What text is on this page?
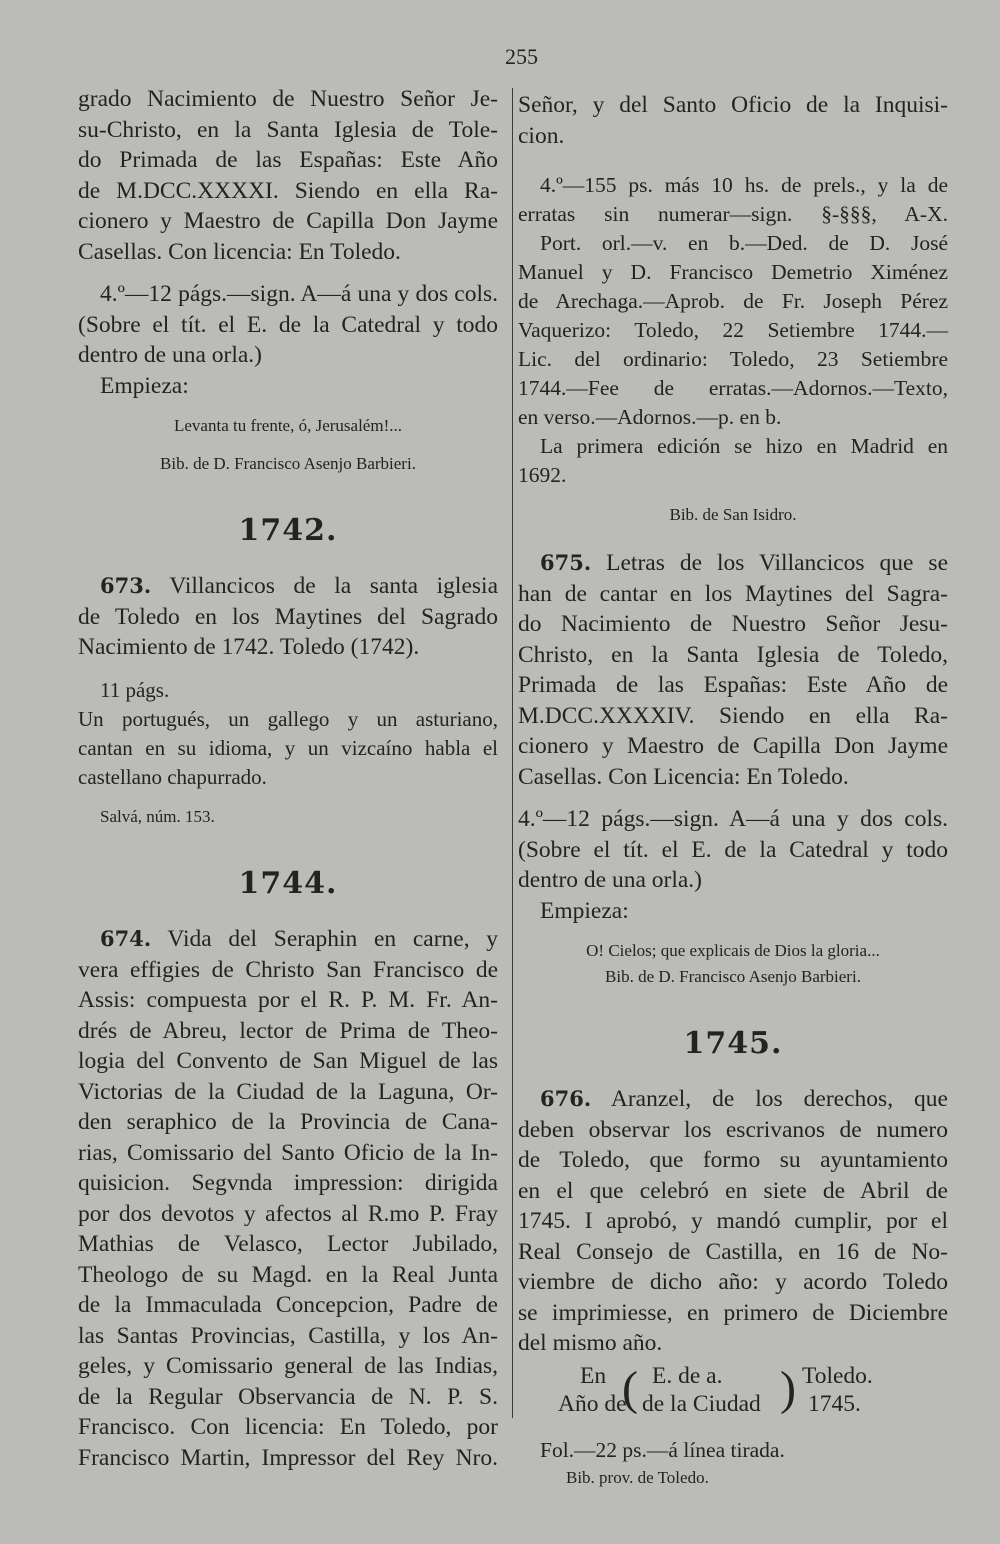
255

grado Nacimiento de Nuestro Señor Je-

su-Christo, en la Santa Iglesia de Tole-

do Primada de las Españas: Este Año

de M.DCC.XXXXI. Siendo en ella Ra-

cionero y Maestro de Capilla Don Jayme

Casellas. Con licencia: En Toledo.

4.º—12 págs.—sign. A—á una y dos cols.

(Sobre el tít. el E. de la Catedral y todo

dentro de una orla.)

Empieza:

Levanta tu frente, ó, Jerusalém!...
Bib. de D. Francisco Asenjo Barbieri.
1742.

673. Villancicos de la santa iglesia

de Toledo en los Maytines del Sagrado

Nacimiento de 1742. Toledo (1742).

11 págs.

Un portugués, un gallego y un asturiano,

cantan en su idioma, y un vizcaíno habla el

castellano chapurrado.

Salvá, núm. 153.

1744.

674. Vida del Seraphin en carne, y

vera effigies de Christo San Francisco de

Assis: compuesta por el R. P. M. Fr. An-

drés de Abreu, lector de Prima de Theo-

logia del Convento de San Miguel de las

Victorias de la Ciudad de la Laguna, Or-

den seraphico de la Provincia de Cana-

rias, Comissario del Santo Oficio de la In-

quisicion. Segvnda impression: dirigida

por dos devotos y afectos al R.mo P. Fray

Mathias de Velasco, Lector Jubilado,

Theologo de su Magd. en la Real Junta

de la Immaculada Concepcion, Padre de

las Santas Provincias, Castilla, y los An-

geles, y Comissario general de las Indias,

de la Regular Observancia de N. P. S.

Francisco. Con licencia: En Toledo, por

Francisco Martin, Impressor del Rey Nro.

Señor, y del Santo Oficio de la Inquisi-

cion.

4.º—155 ps. más 10 hs. de prels., y la de

erratas sin numerar—sign. §-§§§, A-X.

Port. orl.—v. en b.—Ded. de D. José

Manuel y D. Francisco Demetrio Ximénez

de Arechaga.—Aprob. de Fr. Joseph Pérez

Vaquerizo: Toledo, 22 Setiembre 1744.—

Lic. del ordinario: Toledo, 23 Setiembre

1744.—Fee de erratas.—Adornos.—Texto,

en verso.—Adornos.—p. en b.

La primera edición se hizo en Madrid en

1692.

Bib. de San Isidro.

675. Letras de los Villancicos que se

han de cantar en los Maytines del Sagra-

do Nacimiento de Nuestro Señor Jesu-

Christo, en la Santa Iglesia de Toledo,

Primada de las Españas: Este Año de

M.DCC.XXXXIV. Siendo en ella Ra-

cionero y Maestro de Capilla Don Jayme

Casellas. Con Licencia: En Toledo.

4.º—12 págs.—sign. A—á una y dos cols.

(Sobre el tít. el E. de la Catedral y todo

dentro de una orla.)

Empieza:

O! Cielos; que explicais de Dios la gloria...
Bib. de D. Francisco Asenjo Barbieri.
1745.

676. Aranzel, de los derechos, que

deben observar los escrivanos de numero

de Toledo, que formo su ayuntamiento

en el que celebró en siete de Abril de

1745. I aprobó, y mandó cumplir, por el

Real Consejo de Castilla, en 16 de No-

viembre de dicho año: y acordo Toledo

se imprimiesse, en primero de Diciembre

del mismo año.

En
Año de
( E. de a.
de la Ciudad ) Toledo.
1745.

Fol.—22 ps.—á línea tirada.

Bib. prov. de Toledo.
